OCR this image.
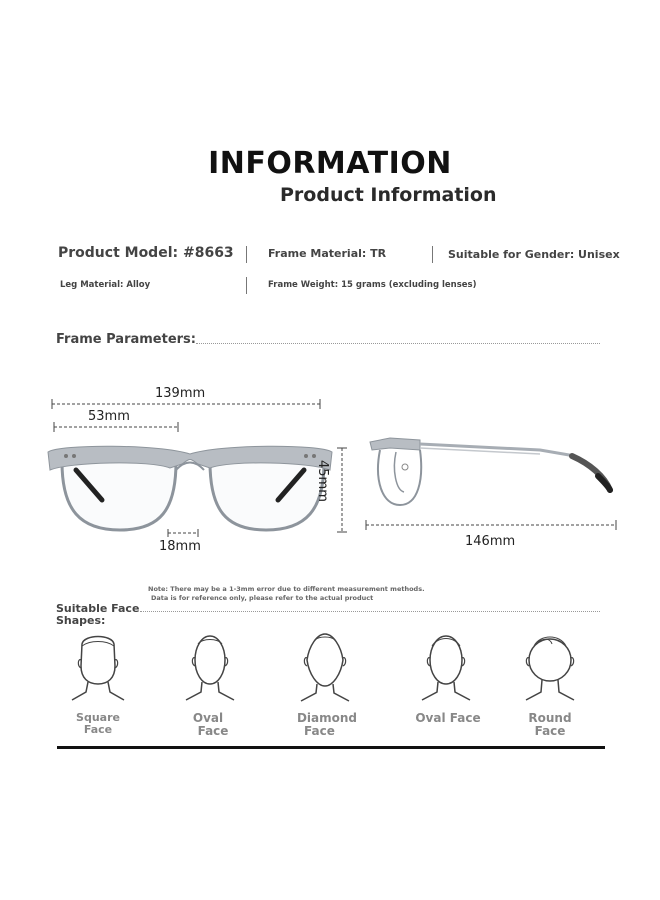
INFORMATION
Product Information
Product Model: #8663	Frame Material: TR	Suitable for Gender: Unisex
Leg Material: Alloy	Frame Weight: 15 grams (excluding lenses)
Frame Parameters:
139mm
53mm
18mm
45mm
146mm
Note: There may be a 1-3mm error due to different measurement methods.
Data is for reference only, please refer to the actual product
Suitable Face
Shapes:
Square
Face
Oval
Face
Diamond
Face
Oval Face	Round
Face
